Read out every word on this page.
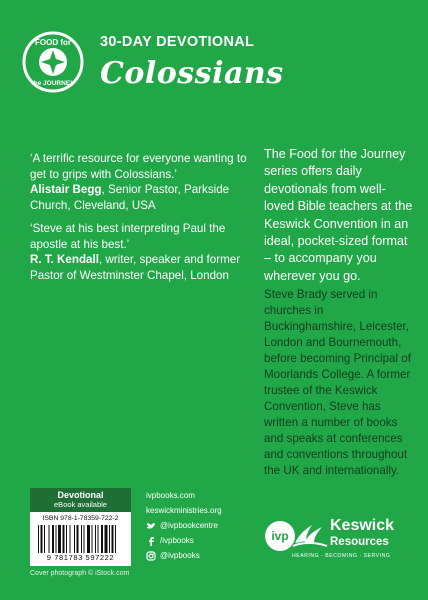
FOOD for
the JOURNEY
30-DAY DEVOTIONAL
Colossians
‘A terrific resource for everyone wanting to get to grips with Colossians.’
Alistair Begg, Senior Pastor, Parkside Church, Cleveland, USA
‘Steve at his best interpreting Paul the apostle at his best.’
R. T. Kendall, writer, speaker and former Pastor of Westminster Chapel, London
The Food for the Journey series offers daily devotionals from well-loved Bible teachers at the Keswick Convention in an ideal, pocket-sized format – to accompany you wherever you go.
Steve Brady served in churches in Buckinghamshire, Leicester, London and Bournemouth, before becoming Principal of Moorlands College. A former trustee of the Keswick Convention, Steve has written a number of books and speaks at conferences and conventions throughout the UK and internationally.
Devotional
eBook available
ISBN 978-1-78359-722-2
9 781783 597222
Cover photograph © iStock.com
ivpbooks.com
keswickministries.org
@ivpbookcentre
/ivpbooks
@ivpbooks
ivp
Keswick
Resources
HEARING · BECOMING · SERVING
